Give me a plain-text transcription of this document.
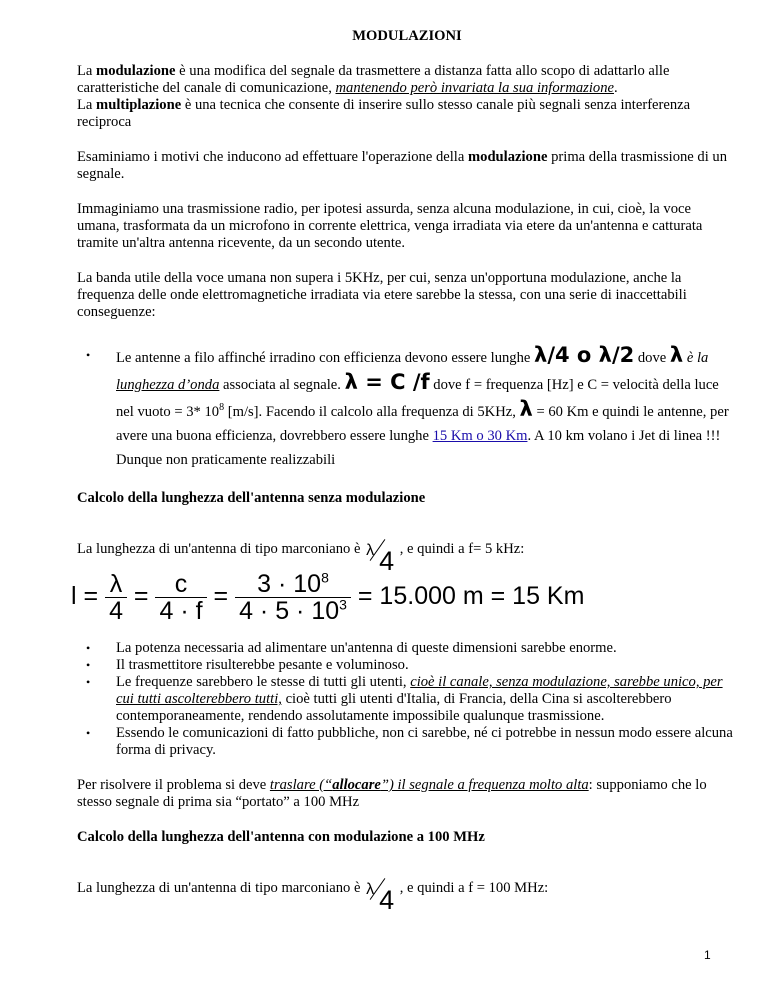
MODULAZIONI

La modulazione è una modifica del segnale da trasmettere a distanza fatta allo scopo di adattarlo alle caratteristiche del canale di comunicazione, mantenendo però invariata la sua informazione.

La multiplazione è una tecnica che consente di inserire sullo stesso canale più segnali senza interferenza reciproca

Esaminiamo i motivi che inducono ad effettuare l'operazione della modulazione prima della trasmissione di un segnale.

Immaginiamo una trasmissione radio, per ipotesi assurda, senza alcuna modulazione, in cui, cioè, la voce umana, trasformata da un microfono in corrente elettrica, venga irradiata via etere da un'antenna e catturata tramite un'altra antenna ricevente, da un secondo utente.

La banda utile della voce umana non supera i 5KHz, per cui, senza un'opportuna modulazione, anche la frequenza delle onde elettromagnetiche irradiata via etere sarebbe la stessa, con una serie di inaccettabili conseguenze:

• Le antenne a filo affinché irradino con efficienza devono essere lunghe λ/4 o λ/2 dove λ è la
lunghezza d’onda associata al segnale. λ = C /f dove f = frequenza [Hz] e C = velocità della luce nel vuoto = 3* $10^8$ [m/s]. Facendo il calcolo alla frequenza di 5KHz, λ = 60 Km e quindi le antenne, per avere una buona efficienza, dovrebbero essere lunghe 15 Km o 30 Km. A 10 km volano i Jet di linea !!! Dunque non praticamente realizzabili

Calcolo della lunghezza dell'antenna senza modulazione

La lunghezza di un'antenna di tipo marconiano è λ 4 , e quindi a f= 5 kHz:

$l = \frac{\lambda}{4} = \frac{c}{4 \cdot f} = \frac{3 \cdot 10^8}{4 \cdot 5 \cdot 10^3} = 15.000$ m = 15 Km
• La potenza necessaria ad alimentare un'antenna di queste dimensioni sarebbe enorme.
• Il trasmettitore risulterebbe pesante e voluminoso.
• Le frequenze sarebbero le stesse di tutti gli utenti, cioè il canale, senza modulazione, sarebbe unico, per cui tutti ascolterebbero tutti, cioè tutti gli utenti d'Italia, di Francia, della Cina si ascolterebbero contemporaneamente, rendendo assolutamente impossibile qualunque trasmissione.
• Essendo le comunicazioni di fatto pubbliche, non ci sarebbe, né ci potrebbe in nessun modo essere alcuna forma di privacy.

Per risolvere il problema si deve traslare (“allocare”) il segnale a frequenza molto alta: supponiamo che lo stesso segnale di prima sia “portato” a 100 MHz

Calcolo della lunghezza dell'antenna con modulazione a 100 MHz

La lunghezza di un'antenna di tipo marconiano è λ 4 , e quindi a f = 100 MHz:

1
